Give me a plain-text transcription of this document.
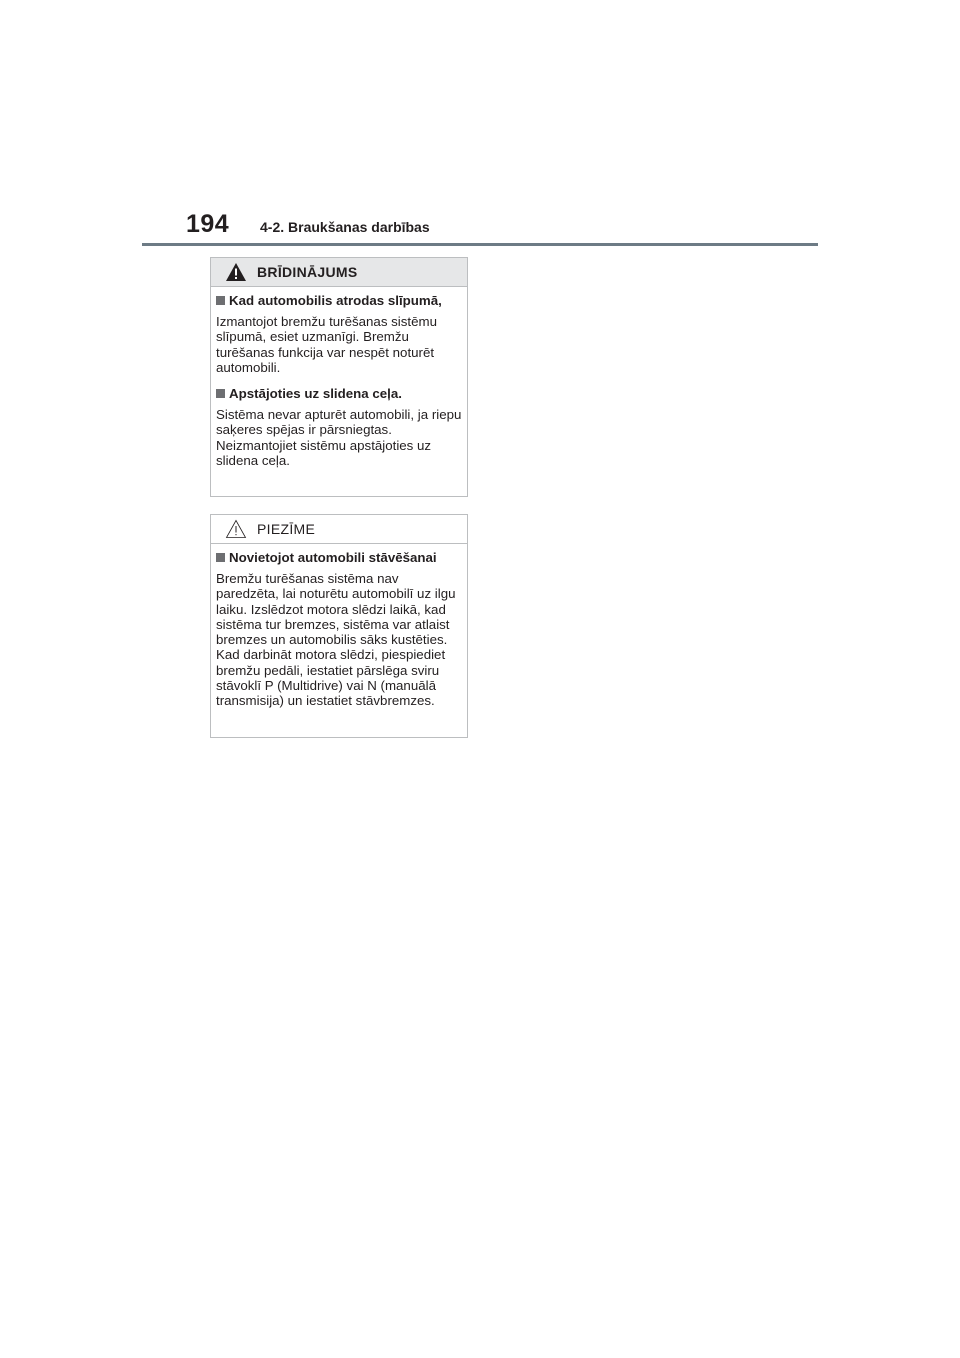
194 4-2. Braukšanas darbības
BRĪDINĀJUMS
Kad automobilis atrodas slīpumā,
Izmantojot bremžu turēšanas sistēmu slīpumā, esiet uzmanīgi. Bremžu turēšanas funkcija var nespēt noturēt automobili.
Apstājoties uz slidena ceļa.
Sistēma nevar apturēt automobili, ja riepu saķeres spējas ir pārsniegtas. Neizmantojiet sistēmu apstājoties uz slidena ceļa.
PIEZĪME
Novietojot automobili stāvēšanai
Bremžu turēšanas sistēma nav paredzēta, lai noturētu automobilī uz ilgu laiku. Izslēdzot motora slēdzi laikā, kad sistēma tur bremzes, sistēma var atlaist bremzes un automobilis sāks kustēties. Kad darbināt motora slēdzi, piespiediet bremžu pedāli, iestatiet pārslēga sviru stāvoklī P (Multidrive) vai N (manuālā transmisija) un iestatiet stāvbremzes.
